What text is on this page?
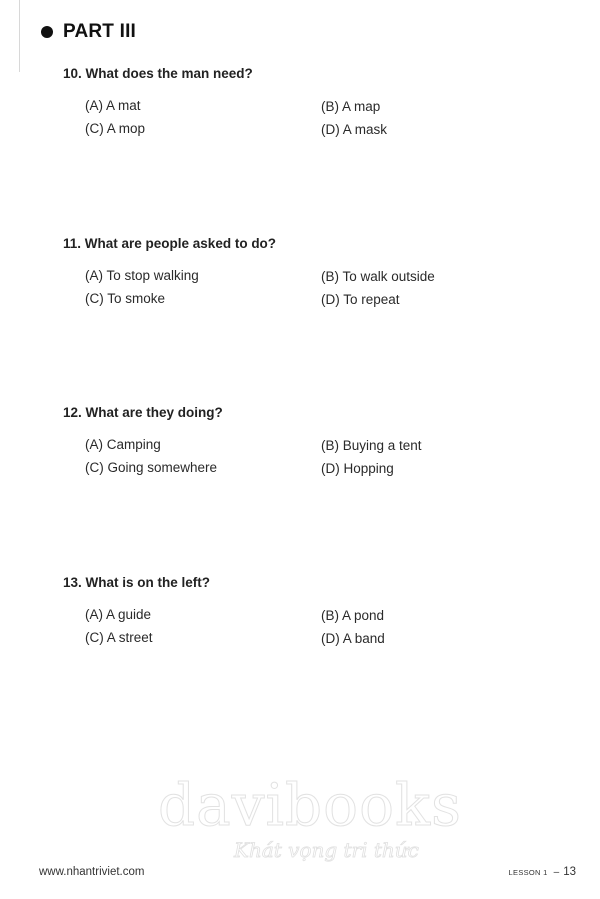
PART III
10. What does the man need?
(A) A mat	(B) A map
(C) A mop	(D) A mask
11. What are people asked to do?
(A) To stop walking	(B) To walk outside
(C) To smoke	(D) To repeat
12. What are they doing?
(A) Camping	(B) Buying a tent
(C) Going somewhere	(D) Hopping
13. What is on the left?
(A) A guide	(B) A pond
(C) A street	(D) A band
davibooks
Khát vọng tri thức
www.nhantriviet.com	LESSON 1 – 13
